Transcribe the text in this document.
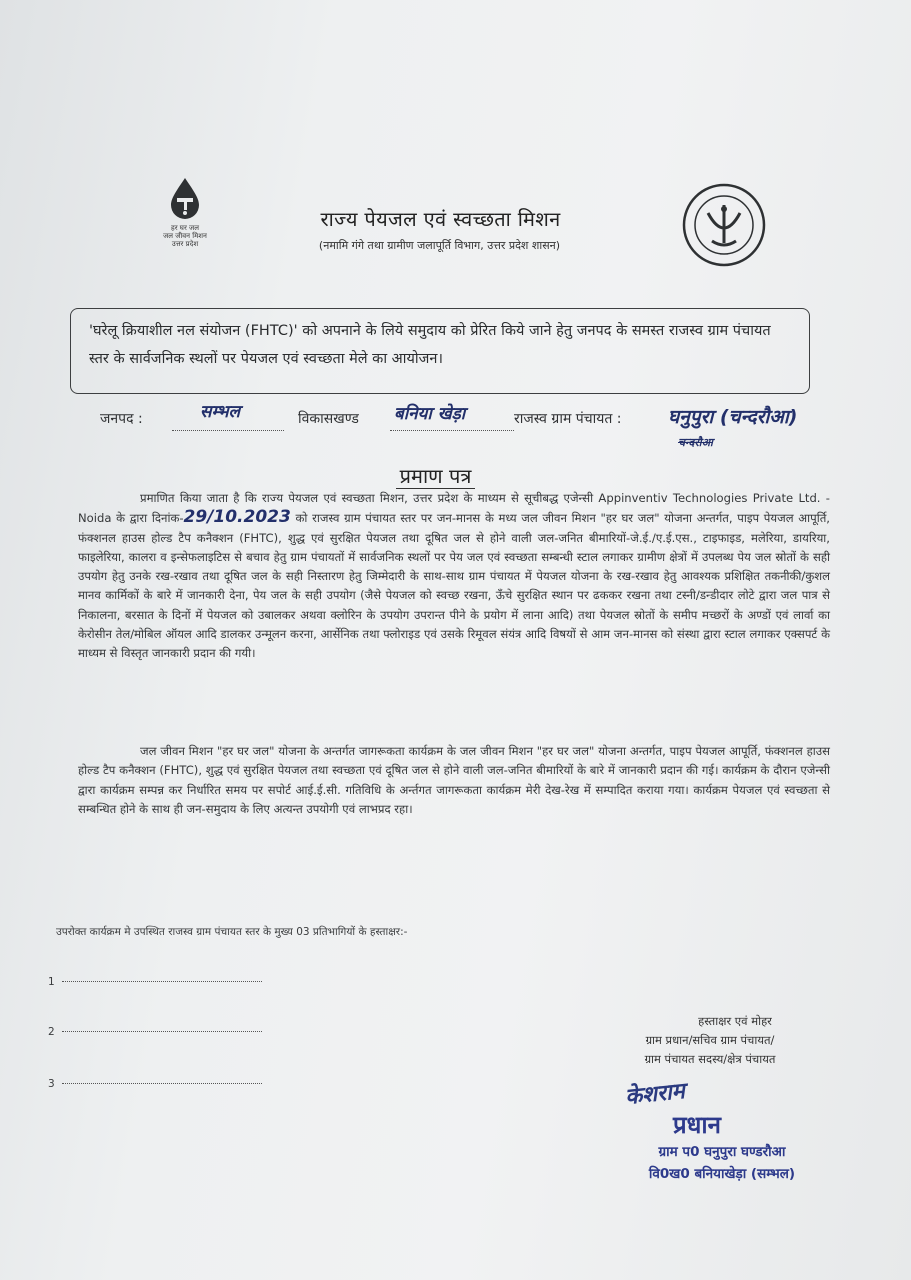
हर घर जल
जल जीवन मिशन
उत्तर प्रदेश
राज्य पेयजल एवं स्वच्छता मिशन
(नमामि गंगे तथा ग्रामीण जलापूर्ति विभाग, उत्तर प्रदेश शासन)
'घरेलू क्रियाशील नल संयोजन (FHTC)' को अपनाने के लिये समुदाय को प्रेरित किये जाने हेतु जनपद के समस्त राजस्व ग्राम पंचायत स्तर के सार्वजनिक स्थलों पर पेयजल एवं स्वच्छता मेले का आयोजन।
जनपद :	सम्भल	विकासखण्ड बनिया खेड़ा	राजस्व ग्राम पंचायत : घनुपुरा (चन्दरौआ)
चन्दरौआ
प्रमाण पत्र
प्रमाणित किया जाता है कि राज्य पेयजल एवं स्वच्छता मिशन, उत्तर प्रदेश के माध्यम से सूचीबद्ध एजेन्सी Appinventiv Technologies Private Ltd. - Noida के द्वारा दिनांक-29/10.2023 को राजस्व ग्राम पंचायत स्तर पर जन-मानस के मध्य जल जीवन मिशन "हर घर जल" योजना अन्तर्गत, पाइप पेयजल आपूर्ति, फंक्शनल हाउस होल्ड टैप कनैक्शन (FHTC), शुद्ध एवं सुरक्षित पेयजल तथा दूषित जल से होने वाली जल-जनित बीमारियों-जे.ई./ए.ई.एस., टाइफाइड, मलेरिया, डायरिया, फाइलेरिया, कालरा व इन्सेफलाइटिस से बचाव हेतु ग्राम पंचायतों में सार्वजनिक स्थलों पर पेय जल एवं स्वच्छता सम्बन्धी स्टाल लगाकर ग्रामीण क्षेत्रों में उपलब्ध पेय जल स्रोतों के सही उपयोग हेतु उनके रख-रखाव तथा दूषित जल के सही निस्तारण हेतु जिम्मेदारी के साथ-साथ ग्राम पंचायत में पेयजल योजना के रख-रखाव हेतु आवश्यक प्रशिक्षित तकनीकी/कुशल मानव कार्मिकों के बारे में जानकारी देना, पेय जल के सही उपयोग (जैसे पेयजल को स्वच्छ रखना, ऊँचे सुरक्षित स्थान पर ढककर रखना तथा टस्नी/डन्डीदार लोटे द्वारा जल पात्र से निकालना, बरसात के दिनों में पेयजल को उबालकर अथवा क्लोरिन के उपयोग उपरान्त पीने के प्रयोग में लाना आदि) तथा पेयजल स्रोतों के समीप मच्छरों के अण्डों एवं लार्वा का केरोसीन तेल/मोबिल ऑयल आदि डालकर उन्मूलन करना, आर्सेनिक तथा फ्लोराइड एवं उसके रिमूवल संयंत्र आदि विषयों से आम जन-मानस को संस्था द्वारा स्टाल लगाकर एक्सपर्ट के माध्यम से विस्तृत जानकारी प्रदान की गयी।
जल जीवन मिशन "हर घर जल" योजना के अन्तर्गत जागरूकता कार्यक्रम के जल जीवन मिशन "हर घर जल" योजना अन्तर्गत, पाइप पेयजल आपूर्ति, फंक्शनल हाउस होल्ड टैप कनैक्शन (FHTC), शुद्ध एवं सुरक्षित पेयजल तथा स्वच्छता एवं दूषित जल से होने वाली जल-जनित बीमारियों के बारे में जानकारी प्रदान की गई। कार्यक्रम के दौरान एजेन्सी द्वारा कार्यक्रम सम्पन्न कर निर्धारित समय पर सपोर्ट आई.ई.सी. गतिविधि के अर्न्तगत जागरूकता कार्यक्रम मेरी देख-रेख में सम्पादित कराया गया। कार्यक्रम पेयजल एवं स्वच्छता से सम्बन्धित होने के साथ ही जन-समुदाय के लिए अत्यन्त उपयोगी एवं लाभप्रद रहा।
उपरोक्त कार्यक्रम मे उपस्थित राजस्व ग्राम पंचायत स्तर के मुख्य 03 प्रतिभागियों के हस्ताक्षर:-
1
2
3
हस्ताक्षर एवं मोहर
ग्राम प्रधान/सचिव ग्राम पंचायत/
ग्राम पंचायत सदस्य/क्षेत्र पंचायत
केशराम
प्रधान
ग्राम प0 घनुपुरा घण्डरौआ
वि0ख0 बनियाखेड़ा (सम्भल)
